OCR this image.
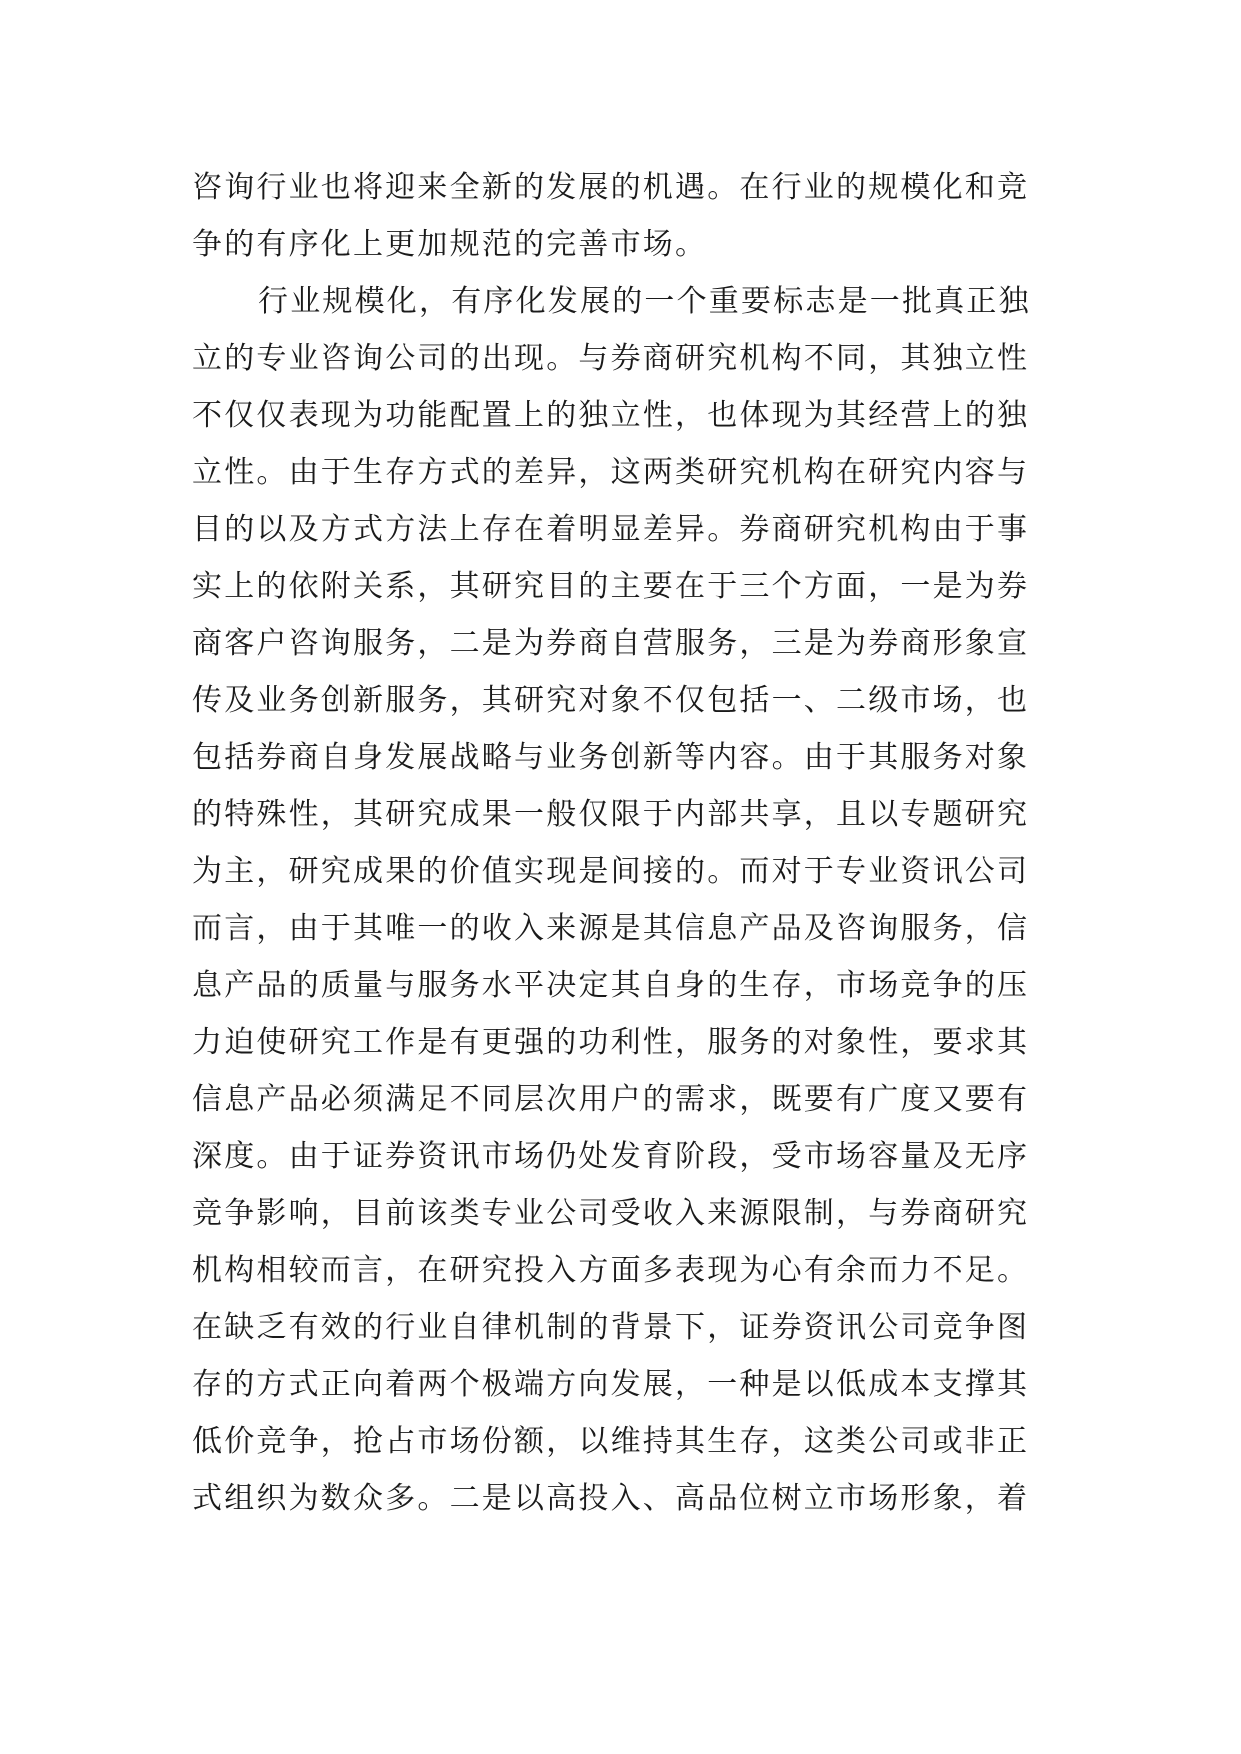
咨询行业也将迎来全新的发展的机遇。在行业的规模化和竞
争的有序化上更加规范的完善市场。
行业规模化，有序化发展的一个重要标志是一批真正独
立的专业咨询公司的出现。与券商研究机构不同，其独立性
不仅仅表现为功能配置上的独立性，也体现为其经营上的独
立性。由于生存方式的差异，这两类研究机构在研究内容与
目的以及方式方法上存在着明显差异。券商研究机构由于事
实上的依附关系，其研究目的主要在于三个方面，一是为券
商客户咨询服务，二是为券商自营服务，三是为券商形象宣
传及业务创新服务，其研究对象不仅包括一、二级市场，也
包括券商自身发展战略与业务创新等内容。由于其服务对象
的特殊性，其研究成果一般仅限于内部共享，且以专题研究
为主，研究成果的价值实现是间接的。而对于专业资讯公司
而言，由于其唯一的收入来源是其信息产品及咨询服务，信
息产品的质量与服务水平决定其自身的生存，市场竞争的压
力迫使研究工作是有更强的功利性，服务的对象性，要求其
信息产品必须满足不同层次用户的需求，既要有广度又要有
深度。由于证券资讯市场仍处发育阶段，受市场容量及无序
竞争影响，目前该类专业公司受收入来源限制，与券商研究
机构相较而言，在研究投入方面多表现为心有余而力不足。
在缺乏有效的行业自律机制的背景下，证券资讯公司竞争图
存的方式正向着两个极端方向发展，一种是以低成本支撑其
低价竞争，抢占市场份额，以维持其生存，这类公司或非正
式组织为数众多。二是以高投入、高品位树立市场形象，着
